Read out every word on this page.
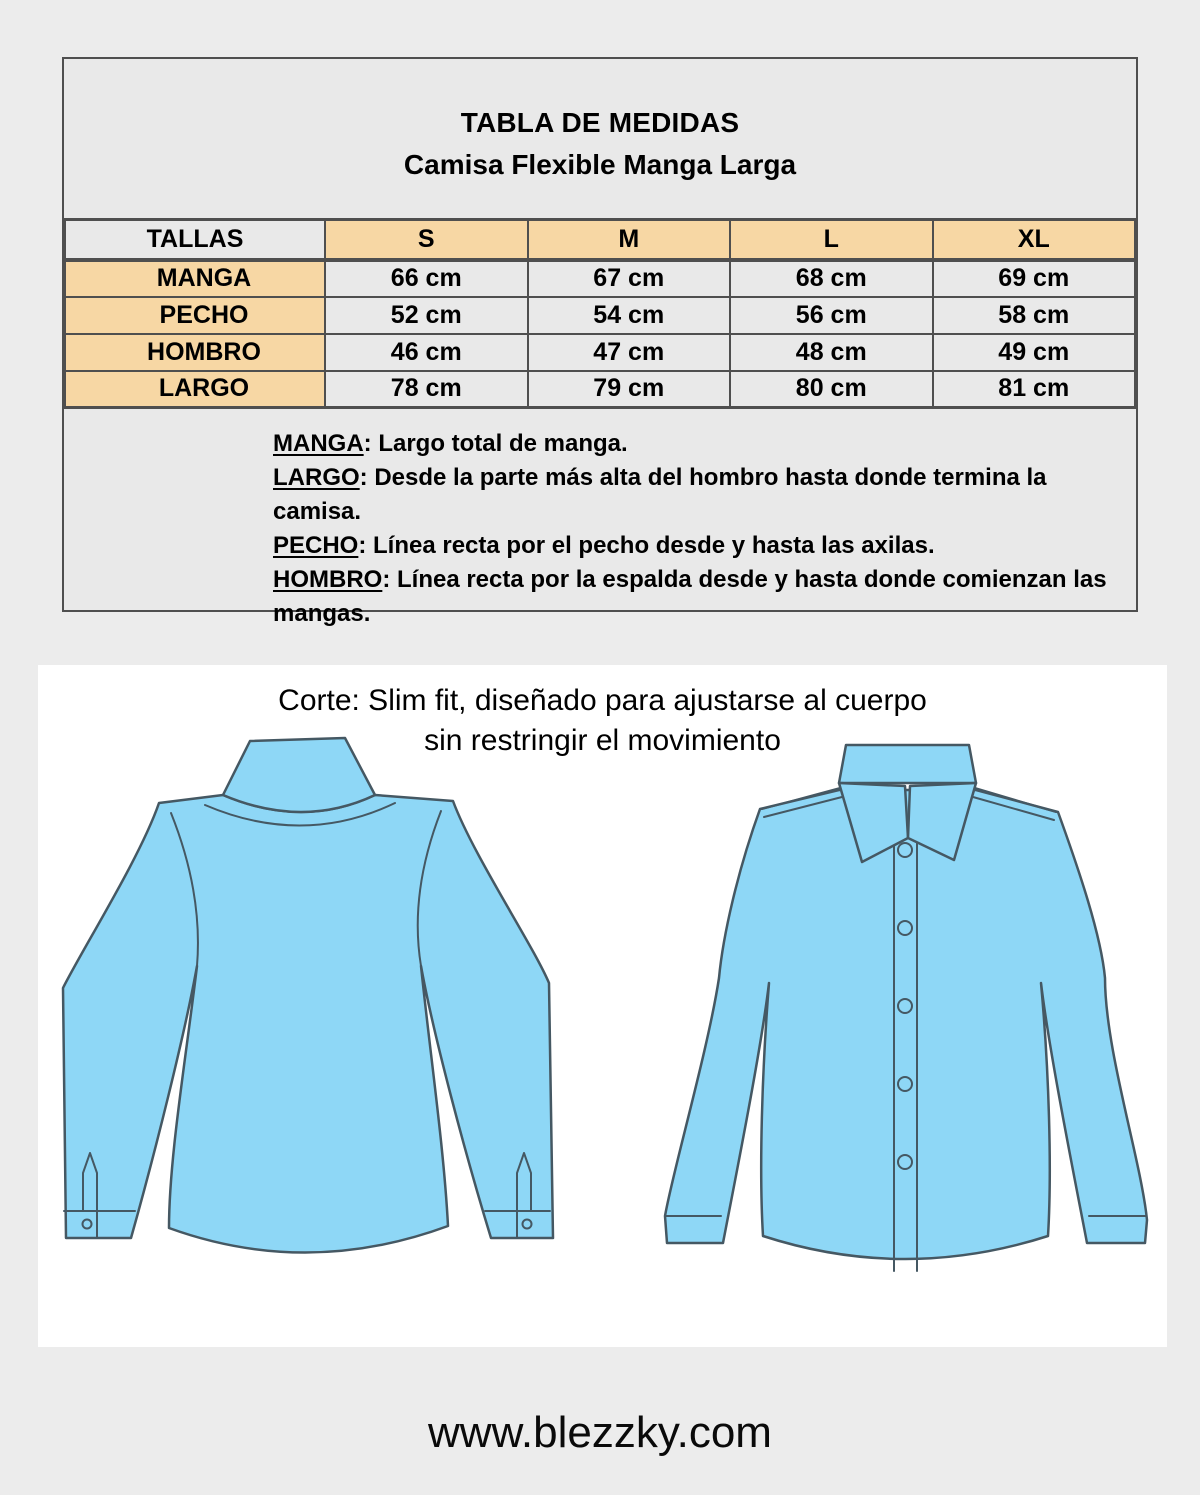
TABLA DE MEDIDAS
Camisa Flexible Manga Larga
TALLAS	S	M	L	XL
MANGA	66 cm	67 cm	68 cm	69 cm
PECHO	52 cm	54 cm	56 cm	58 cm
HOMBRO	46 cm	47 cm	48 cm	49 cm
LARGO	78 cm	79 cm	80 cm	81 cm
MANGA: Largo total de manga.
LARGO: Desde la parte más alta del hombro hasta donde termina la camisa.
PECHO: Línea recta por el pecho desde y hasta las axilas.
HOMBRO: Línea recta por la espalda desde y hasta donde comienzan las mangas.
Corte: Slim fit, diseñado para ajustarse al cuerpo
sin restringir el movimiento
www.blezzky.com
